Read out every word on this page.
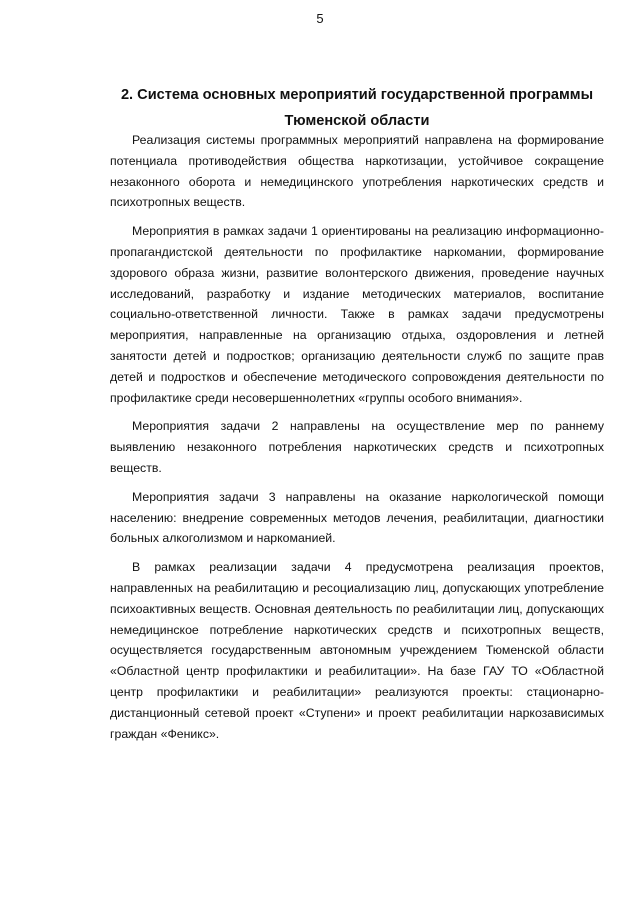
5
2. Система основных мероприятий государственной программы Тюменской области

Реализация системы программных мероприятий направлена на формирование потенциала противодействия общества наркотизации, устойчивое сокращение незаконного оборота и немедицинского употребления наркотических средств и психотропных веществ.

Мероприятия в рамках задачи 1 ориентированы на реализацию информационно-пропагандистской деятельности по профилактике наркомании, формирование здорового образа жизни, развитие волонтерского движения, проведение научных исследований, разработку и издание методических материалов, воспитание социально-ответственной личности. Также в рамках задачи предусмотрены мероприятия, направленные на организацию отдыха, оздоровления и летней занятости детей и подростков; организацию деятельности служб по защите прав детей и подростков и обеспечение методического сопровождения деятельности по профилактике среди несовершеннолетних «группы особого внимания».

Мероприятия задачи 2 направлены на осуществление мер по раннему выявлению незаконного потребления наркотических средств и психотропных веществ.

Мероприятия задачи 3 направлены на оказание наркологической помощи населению: внедрение современных методов лечения, реабилитации, диагностики больных алкоголизмом и наркоманией.

В рамках реализации задачи 4 предусмотрена реализация проектов, направленных на реабилитацию и ресоциализацию лиц, допускающих употребление психоактивных веществ. Основная деятельность по реабилитации лиц, допускающих немедицинское потребление наркотических средств и психотропных веществ, осуществляется государственным автономным учреждением Тюменской области «Областной центр профилактики и реабилитации». На базе ГАУ ТО «Областной центр профилактики и реабилитации» реализуются проекты: стационарно-дистанционный сетевой проект «Ступени» и проект реабилитации наркозависимых граждан «Феникс».
